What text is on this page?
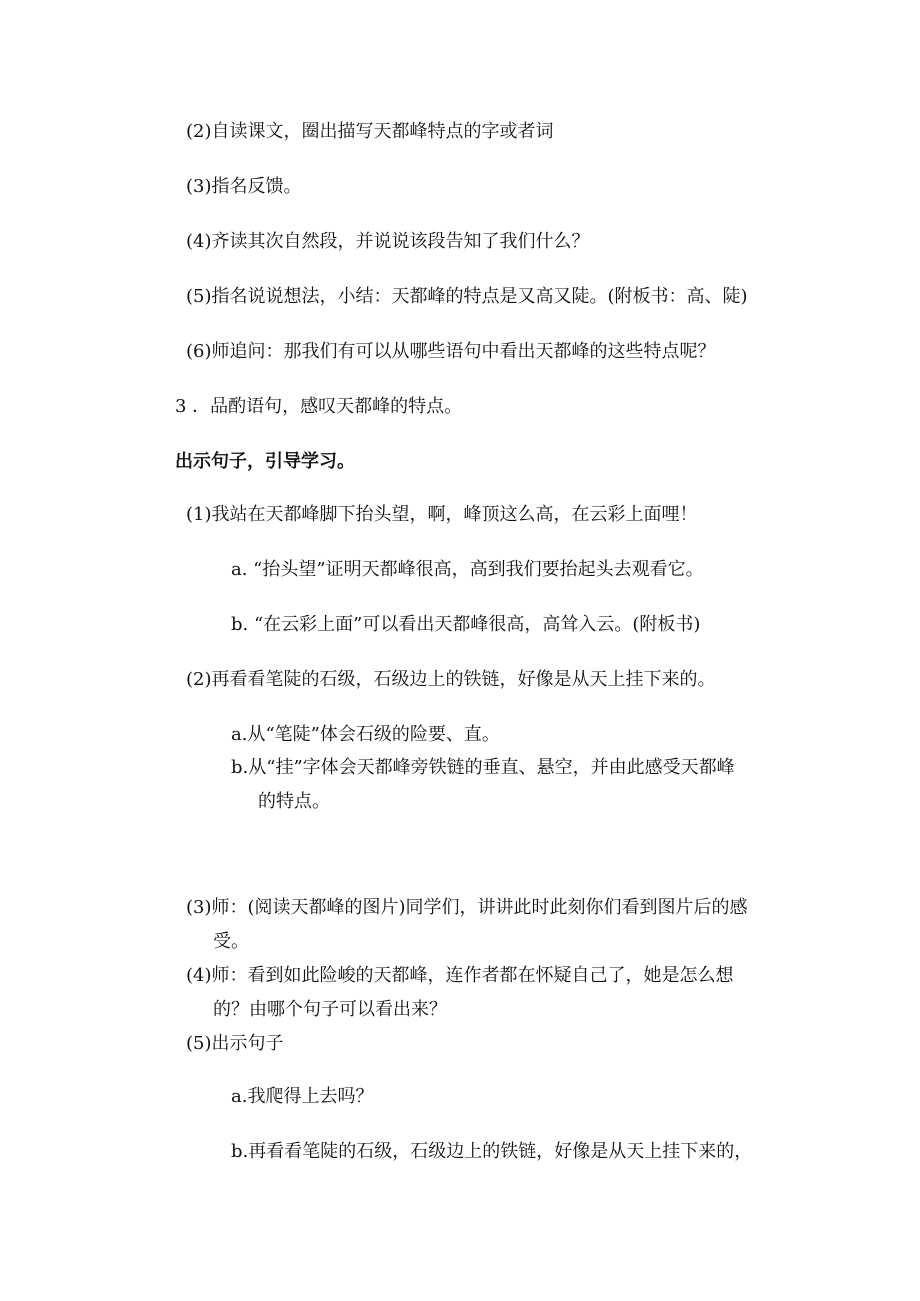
(2)自读课文，圈出描写天都峰特点的字或者词
(3)指名反馈。
(4)齐读其次自然段，并说说该段告知了我们什么？
(5)指名说说想法，小结：天都峰的特点是又高又陡。(附板书：高、陡)
(6)师追问：那我们有可以从哪些语句中看出天都峰的这些特点呢？
3 ．品酌语句，感叹天都峰的特点。
出示句子，引导学习。
(1)我站在天都峰脚下抬头望，啊，峰顶这么高，在云彩上面哩！
a. “抬头望”证明天都峰很高，高到我们要抬起头去观看它。
b. “在云彩上面”可以看出天都峰很高，高耸入云。(附板书)
(2)再看看笔陡的石级，石级边上的铁链，好像是从天上挂下来的。
a.从“笔陡”体会石级的险要、直。
b.从“挂”字体会天都峰旁铁链的垂直、悬空，并由此感受天都峰
的特点。
(3)师：(阅读天都峰的图片)同学们，讲讲此时此刻你们看到图片后的感
受。
(4)师：看到如此险峻的天都峰，连作者都在怀疑自己了，她是怎么想
的？由哪个句子可以看出来？
(5)出示句子
a.我爬得上去吗？
b.再看看笔陡的石级，石级边上的铁链，好像是从天上挂下来的，
